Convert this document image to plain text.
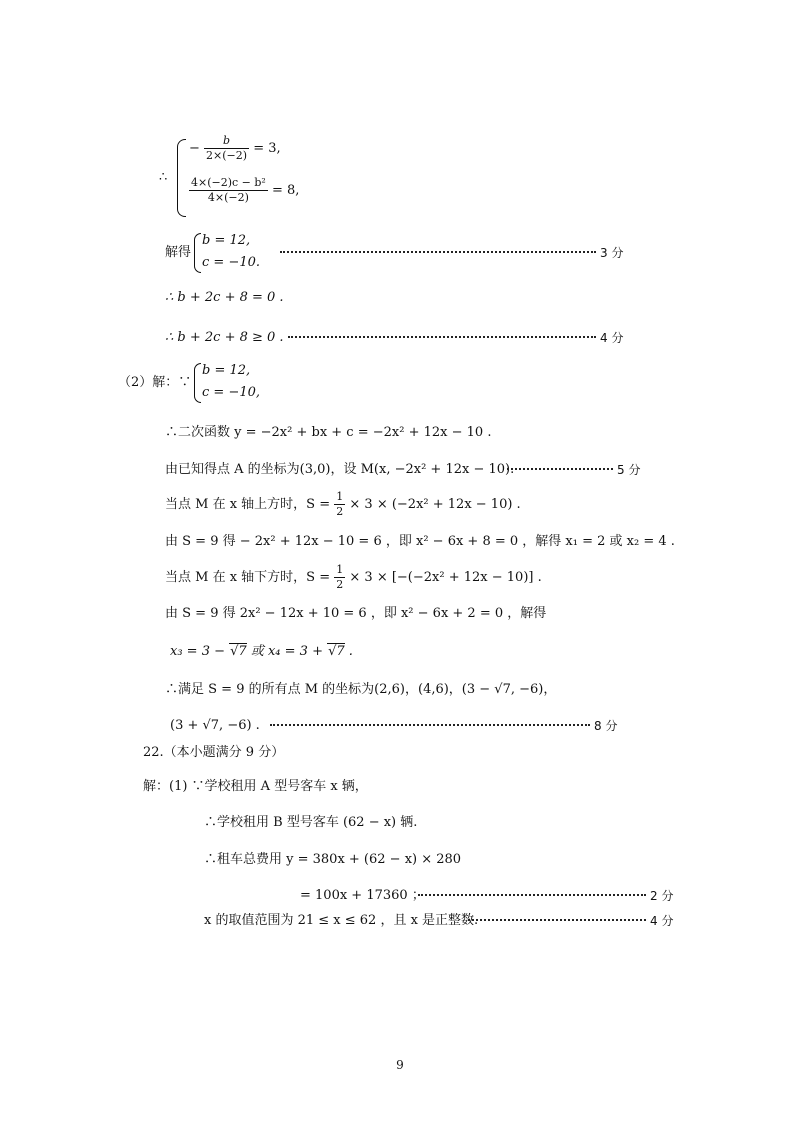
∴
− $\frac{b}{2\times(-2)} = 3$,
$\frac{\text{4×(−2)c − b²}}{4\times(-2)} = 8$,
解得
b = 12,
c = −10.
3 分
∴ b + 2c + 8 = 0 .
∴ b + 2c + 8 ≥ 0 .	4 分
（2）解：∵
b = 12,
c = −10,
∴二次函数 y = −2x² + bx + c = −2x² + 12x − 10 .
由已知得点 A 的坐标为(3,0)，设 M(x, −2x² + 12x − 10).	5 分
当点 M 在 x 轴上方时，$S = \frac{1}{2} \times 3 \times (-2x^2 + 12x - 10)$ .
由 S = 9 得 − 2x² + 12x − 10 = 6 ，即 x² − 6x + 8 = 0 ，解得 x₁ = 2 或 x₂ = 4 .
当点 M 在 x 轴下方时，$S = \frac{1}{2} \times 3 \times [-(-2x^2 + 12x - 10)]$ .
由 S = 9 得 2x² − 12x + 10 = 6 ，即 x² − 6x + 2 = 0 ，解得
x₃ = 3 − √7 或 x₄ = 3 + √7 .
∴满足 S = 9 的所有点 M 的坐标为(2,6)，(4,6)，(3 − √7, −6)，
(3 + √7, −6) .	8 分
22.（本小题满分 9 分）
解：(1) ∵学校租用 A 型号客车 x 辆，
∴学校租用 B 型号客车 (62 − x) 辆.
∴租车总费用 y = 380x + (62 − x) × 280
= 100x + 17360 ；	2 分
x 的取值范围为 21 ≤ x ≤ 62 ，且 x 是正整数.	4 分
9
